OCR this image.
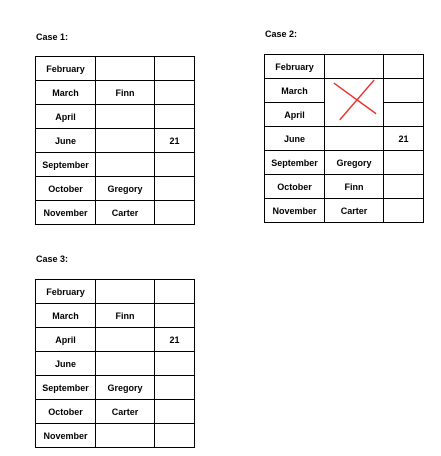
Case 1:

February		
March	Finn	
April		
June		21
September		
October	Gregory	
November	Carter	

Case 2:

February		
March	

April		
June		21
September	Gregory	
October	Finn	
November	Carter	

Case 3:

February		
March	Finn	
April		21
June		
September	Gregory	
October	Carter	
November		
